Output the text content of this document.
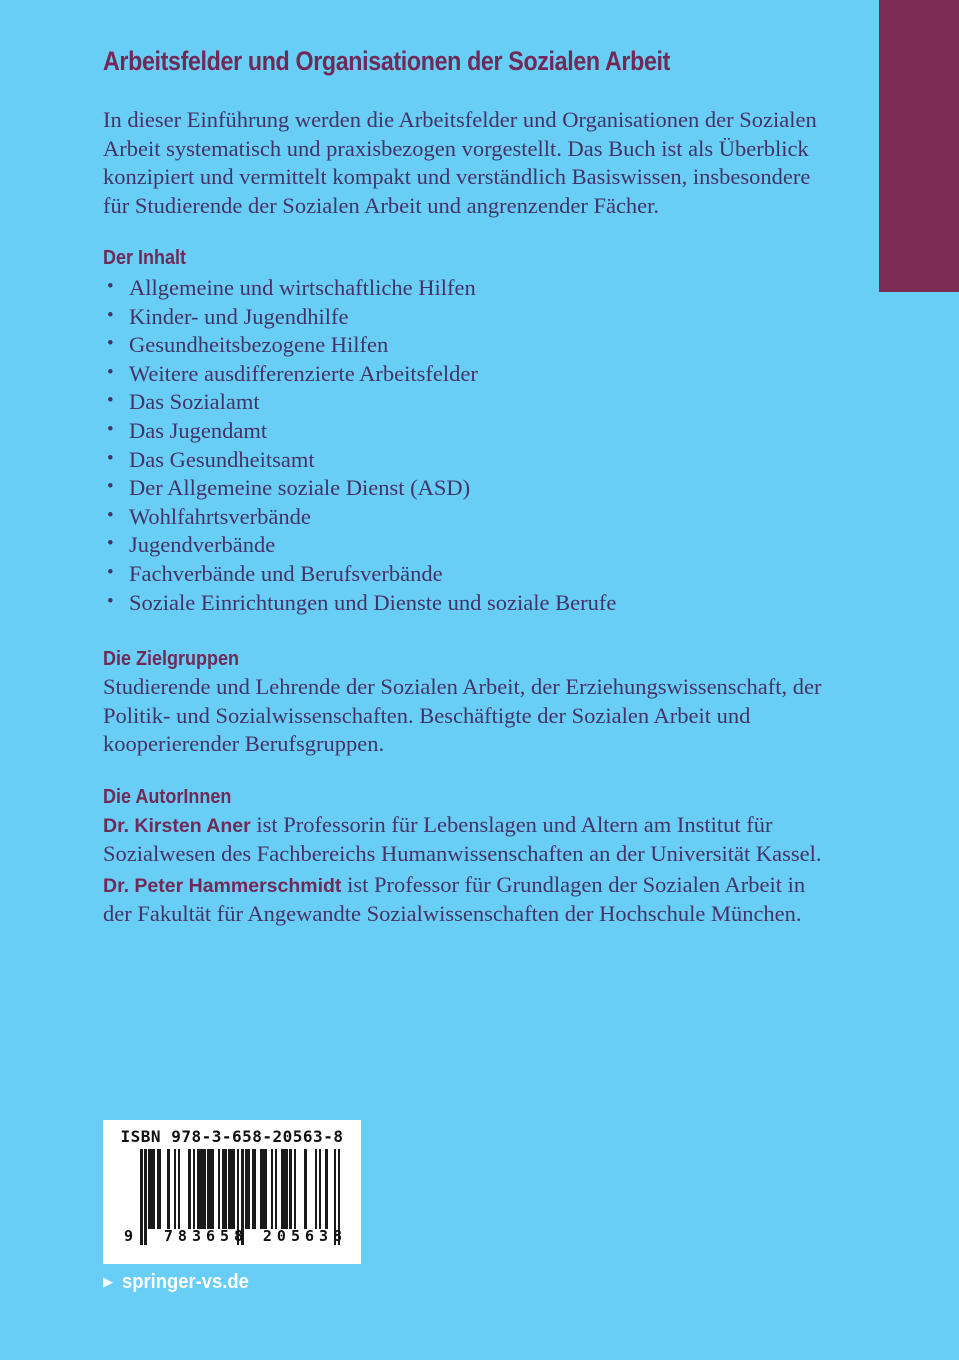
Arbeitsfelder und Organisationen der Sozialen Arbeit

In dieser Einführung werden die Arbeitsfelder und Organisationen der Sozialen Arbeit systematisch und praxisbezogen vorgestellt. Das Buch ist als Überblick konzipiert und vermittelt kompakt und verständlich Basiswissen, insbesondere für Studierende der Sozialen Arbeit und angrenzender Fächer.

Der Inhalt
• Allgemeine und wirtschaftliche Hilfen
• Kinder- und Jugendhilfe
• Gesundheitsbezogene Hilfen
• Weitere ausdifferenzierte Arbeitsfelder
• Das Sozialamt
• Das Jugendamt
• Das Gesundheitsamt
• Der Allgemeine soziale Dienst (ASD)
• Wohlfahrtsverbände
• Jugendverbände
• Fachverbände und Berufsverbände
• Soziale Einrichtungen und Dienste und soziale Berufe
Die Zielgruppen

Studierende und Lehrende der Sozialen Arbeit, der Erziehungswissenschaft, der Politik- und Sozialwissenschaften. Beschäftigte der Sozialen Arbeit und kooperierender Berufsgruppen.

Die AutorInnen

Dr. Kirsten Aner ist Professorin für Lebenslagen und Altern am Institut für Sozialwesen des Fachbereichs Humanwissenschaften an der Universität Kassel.

Dr. Peter Hammerschmidt ist Professor für Grundlagen der Sozialen Arbeit in der Fakultät für Angewandte Sozialwissenschaften der Hochschule München.

ISBN 978-3-658-20563-8
9 783658 205638
▶ springer-vs.de
